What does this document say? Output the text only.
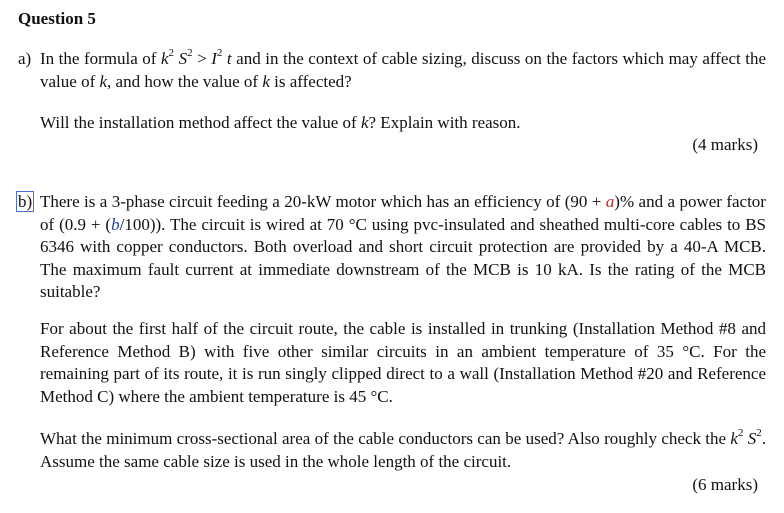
Question 5
a) In the formula of $k^2$ $S^2 > I^2$ t and in the context of cable sizing, discuss on the factors which may affect the value of k, and how the value of k is affected?
Will the installation method affect the value of k? Explain with reason.
(4 marks)
b) There is a 3-phase circuit feeding a 20-kW motor which has an efficiency of (90 + a)% and a power factor of (0.9 + (b/100)). The circuit is wired at 70 °C using pvc-insulated and sheathed multi-core cables to BS 6346 with copper conductors. Both overload and short circuit protection are provided by a 40-A MCB. The maximum fault current at immediate downstream of the MCB is 10 kA. Is the rating of the MCB suitable?
For about the first half of the circuit route, the cable is installed in trunking (Installation Method #8 and Reference Method B) with five other similar circuits in an ambient temperature of 35 °C. For the remaining part of its route, it is run singly clipped direct to a wall (Installation Method #20 and Reference Method C) where the ambient temperature is 45 °C.
What the minimum cross-sectional area of the cable conductors can be used? Also roughly check the $k^2$ $S^2$. Assume the same cable size is used in the whole length of the circuit.
(6 marks)
